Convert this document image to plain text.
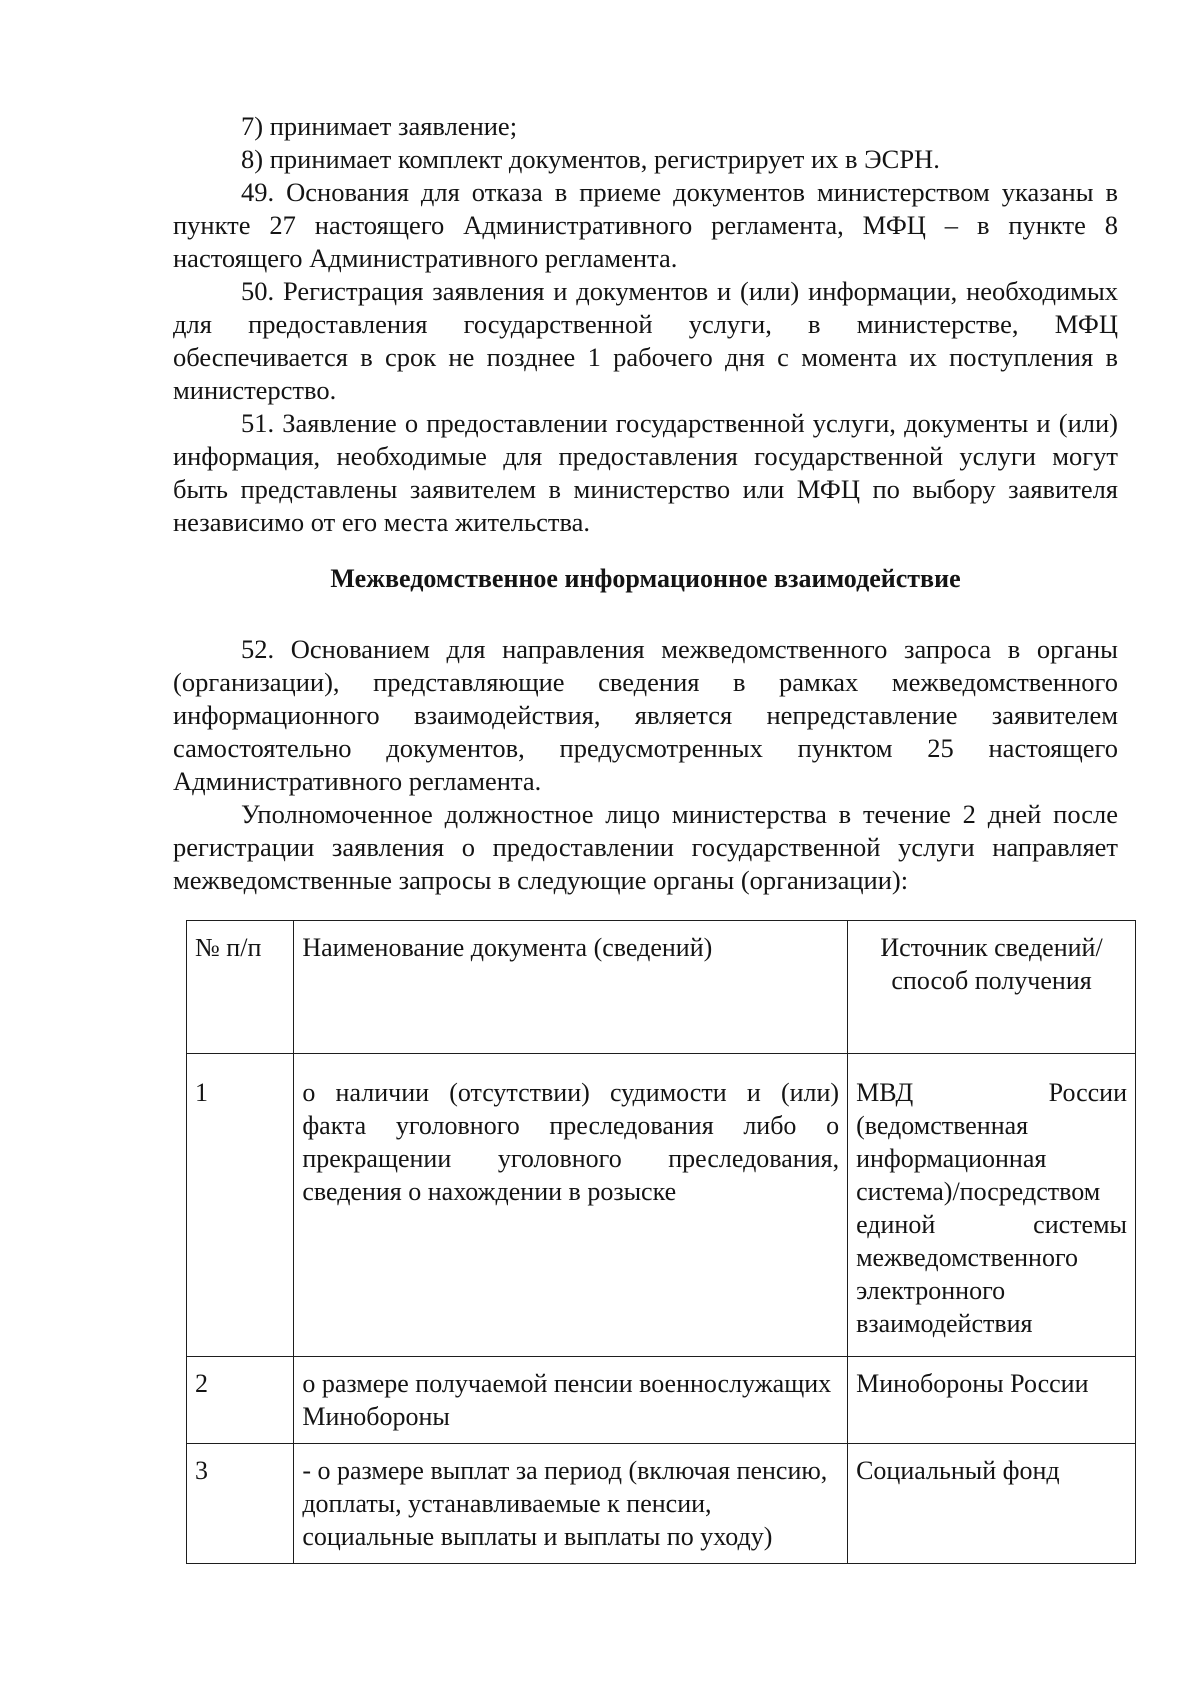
7) принимает заявление;

8) принимает комплект документов, регистрирует их в ЭСРН.

49. Основания для отказа в приеме документов министерством указаны в пункте 27 настоящего Административного регламента, МФЦ – в пункте 8 настоящего Административного регламента.

50. Регистрация заявления и документов и (или) информации, необходимых для предоставления государственной услуги, в министерстве, МФЦ обеспечивается в срок не позднее 1 рабочего дня с момента их поступления в министерство.

51. Заявление о предоставлении государственной услуги, документы и (или) информация, необходимые для предоставления государственной услуги могут быть представлены заявителем в министерство или МФЦ по выбору заявителя независимо от его места жительства.

Межведомственное информационное взаимодействие

52. Основанием для направления межведомственного запроса в органы (организации), представляющие сведения в рамках межведомственного информационного взаимодействия, является непредставление заявителем самостоятельно документов, предусмотренных пунктом 25 настоящего Административного регламента.

Уполномоченное должностное лицо министерства в течение 2 дней после регистрации заявления о предоставлении государственной услуги направляет межведомственные запросы в следующие органы (организации):

№ п/п	Наименование документа (сведений)	Источник сведений/способ получения
1	о наличии (отсутствии) судимости и (или) факта уголовного преследования либо о прекращении уголовного преследования, сведения о нахождении в розыске	МВД России (ведомственная информационная система)/посредством единой системы межведомственного электронного взаимодействия
2	о размере получаемой пенсии военнослужащих Минобороны	Минобороны России
3	- о размере выплат за период (включая пенсию, доплаты, устанавливаемые к пенсии, социальные выплаты и выплаты по уходу)	Социальный фонд
